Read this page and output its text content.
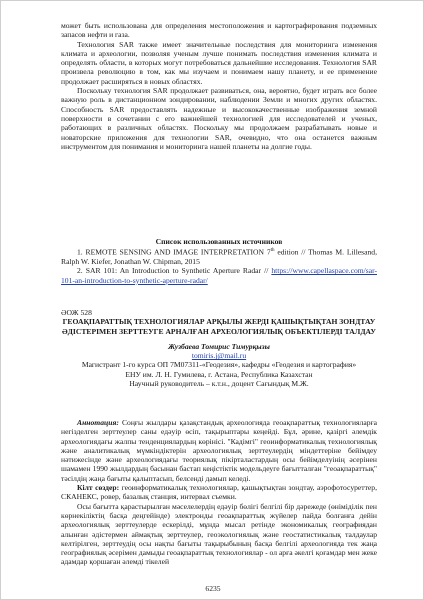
может быть использована для определения местоположения и картографирования подземных запасов нефти и газа.

Технология SAR также имеет значительные последствия для мониторинга изменения климата и археологии, позволяя ученым лучше понимать последствия изменения климата и определять области, в которых могут потребоваться дальнейшие исследования. Технология SAR произвела революцию в том, как мы изучаем и понимаем нашу планету, и ее применение продолжает расширяться в новых областях.

Поскольку технология SAR продолжает развиваться, она, вероятно, будет играть все более важную роль в дистанционном зондировании, наблюдении Земли и многих других областях. Способность SAR предоставлять надежные и высококачественные изображения земной поверхности в сочетании с его важнейшей технологией для исследователей и ученых, работающих в различных областях. Поскольку мы продолжаем разрабатывать новые и новаторские приложения для технологии SAR, очевидно, что она останется важным инструментом для понимания и мониторинга нашей планеты на долгие годы.

Список использованных источников

1. REMOTE SENSING AND IMAGE INTERPRETATION 7th edition // Thomas M. Lillesand, Ralph W. Kiefer, Jonathan W. Chipman, 2015

2. SAR 101: An Introduction to Synthetic Aperture Radar // https://www.capellaspace.com/sar-101-an-introduction-to-synthetic-aperture-radar/

ӘОЖ 528

ГЕОАҚПАРАТТЫҚ ТЕХНОЛОГИЯЛАР АРҚЫЛЫ ЖЕРДІ ҚАШЫҚТЫҚТАН ЗОНДТАУ ӘДІСТЕРІМЕН ЗЕРТТЕУГЕ АРНАЛҒАН АРХЕОЛОГИЯЛЫҚ ОБЪЕКТІЛЕРДІ ТАЛДАУ

Жузбаева Томирис Тимурқызы

tomiris.j@mail.ru

Магистрант 1-го курса ОП 7М07311-«Геодезия», кафедры «Геодезия и картография»

ЕНУ им. Л. Н. Гумилева, г. Астана, Республика Казахстан

Научный руководитель – к.т.н., доцент Сағындық М.Ж.

Аннотация: Соңғы жылдары қазақстандық археологияда геоақпараттық технологияларға негізделген зерттеулер саны едәуір өсіп, тақырыптары кеңейді. Бұл, әрине, қазіргі әлемдік археологиядағы жалпы тенденциялардың көрінісі. "Кадімгі" геоинформатикалық технологиялық және аналитикалық мүмкіндіктерін археологиялық зерттеулердің міндеттеріне бейімдеу нәтижесінде және археологиядағы теориялық пікірталастардың осы бейімделуінің әсерінен шамамен 1990 жылдардың басынан бастап кеңістіктік модельдеуге бағытталған "геоақпараттық" тәсілдің жаңа бағыты қалыптасып, белсенді дамып келеді.

Кілт сөздер: геоинформатикалық технологиялар, қашықтықтан зондтау, аэрофотосуреттер, СКАНЕКС, ровер, базалық станция, интервал съемки.

Осы бағытта қарастырылған мәселелердің едәуір бөлігі белгілі бір дәрежеде (өніміділік пен көрнекіліктің басқа деңгейінде) электронды геоақпараттық жүйелер пайда болғанға дейін археологиялық зерттеулерде ескерілді, мұнда мысал ретінде экономикалық географиядан алынған әдістермен аймақтық зерттеулер, геоэкологиялық және геостатистикалық талдаулар келтірілген, зерттеудің осы нақты бағыты тақырыбының басқа белгілі археологияда тек жаңа географиялық әсерімен дамыды геоақпараттық технологиялар - ол арға әкелгі қоғамдар мен жеке адамдар қоршаған әлемді тікелей

6235
